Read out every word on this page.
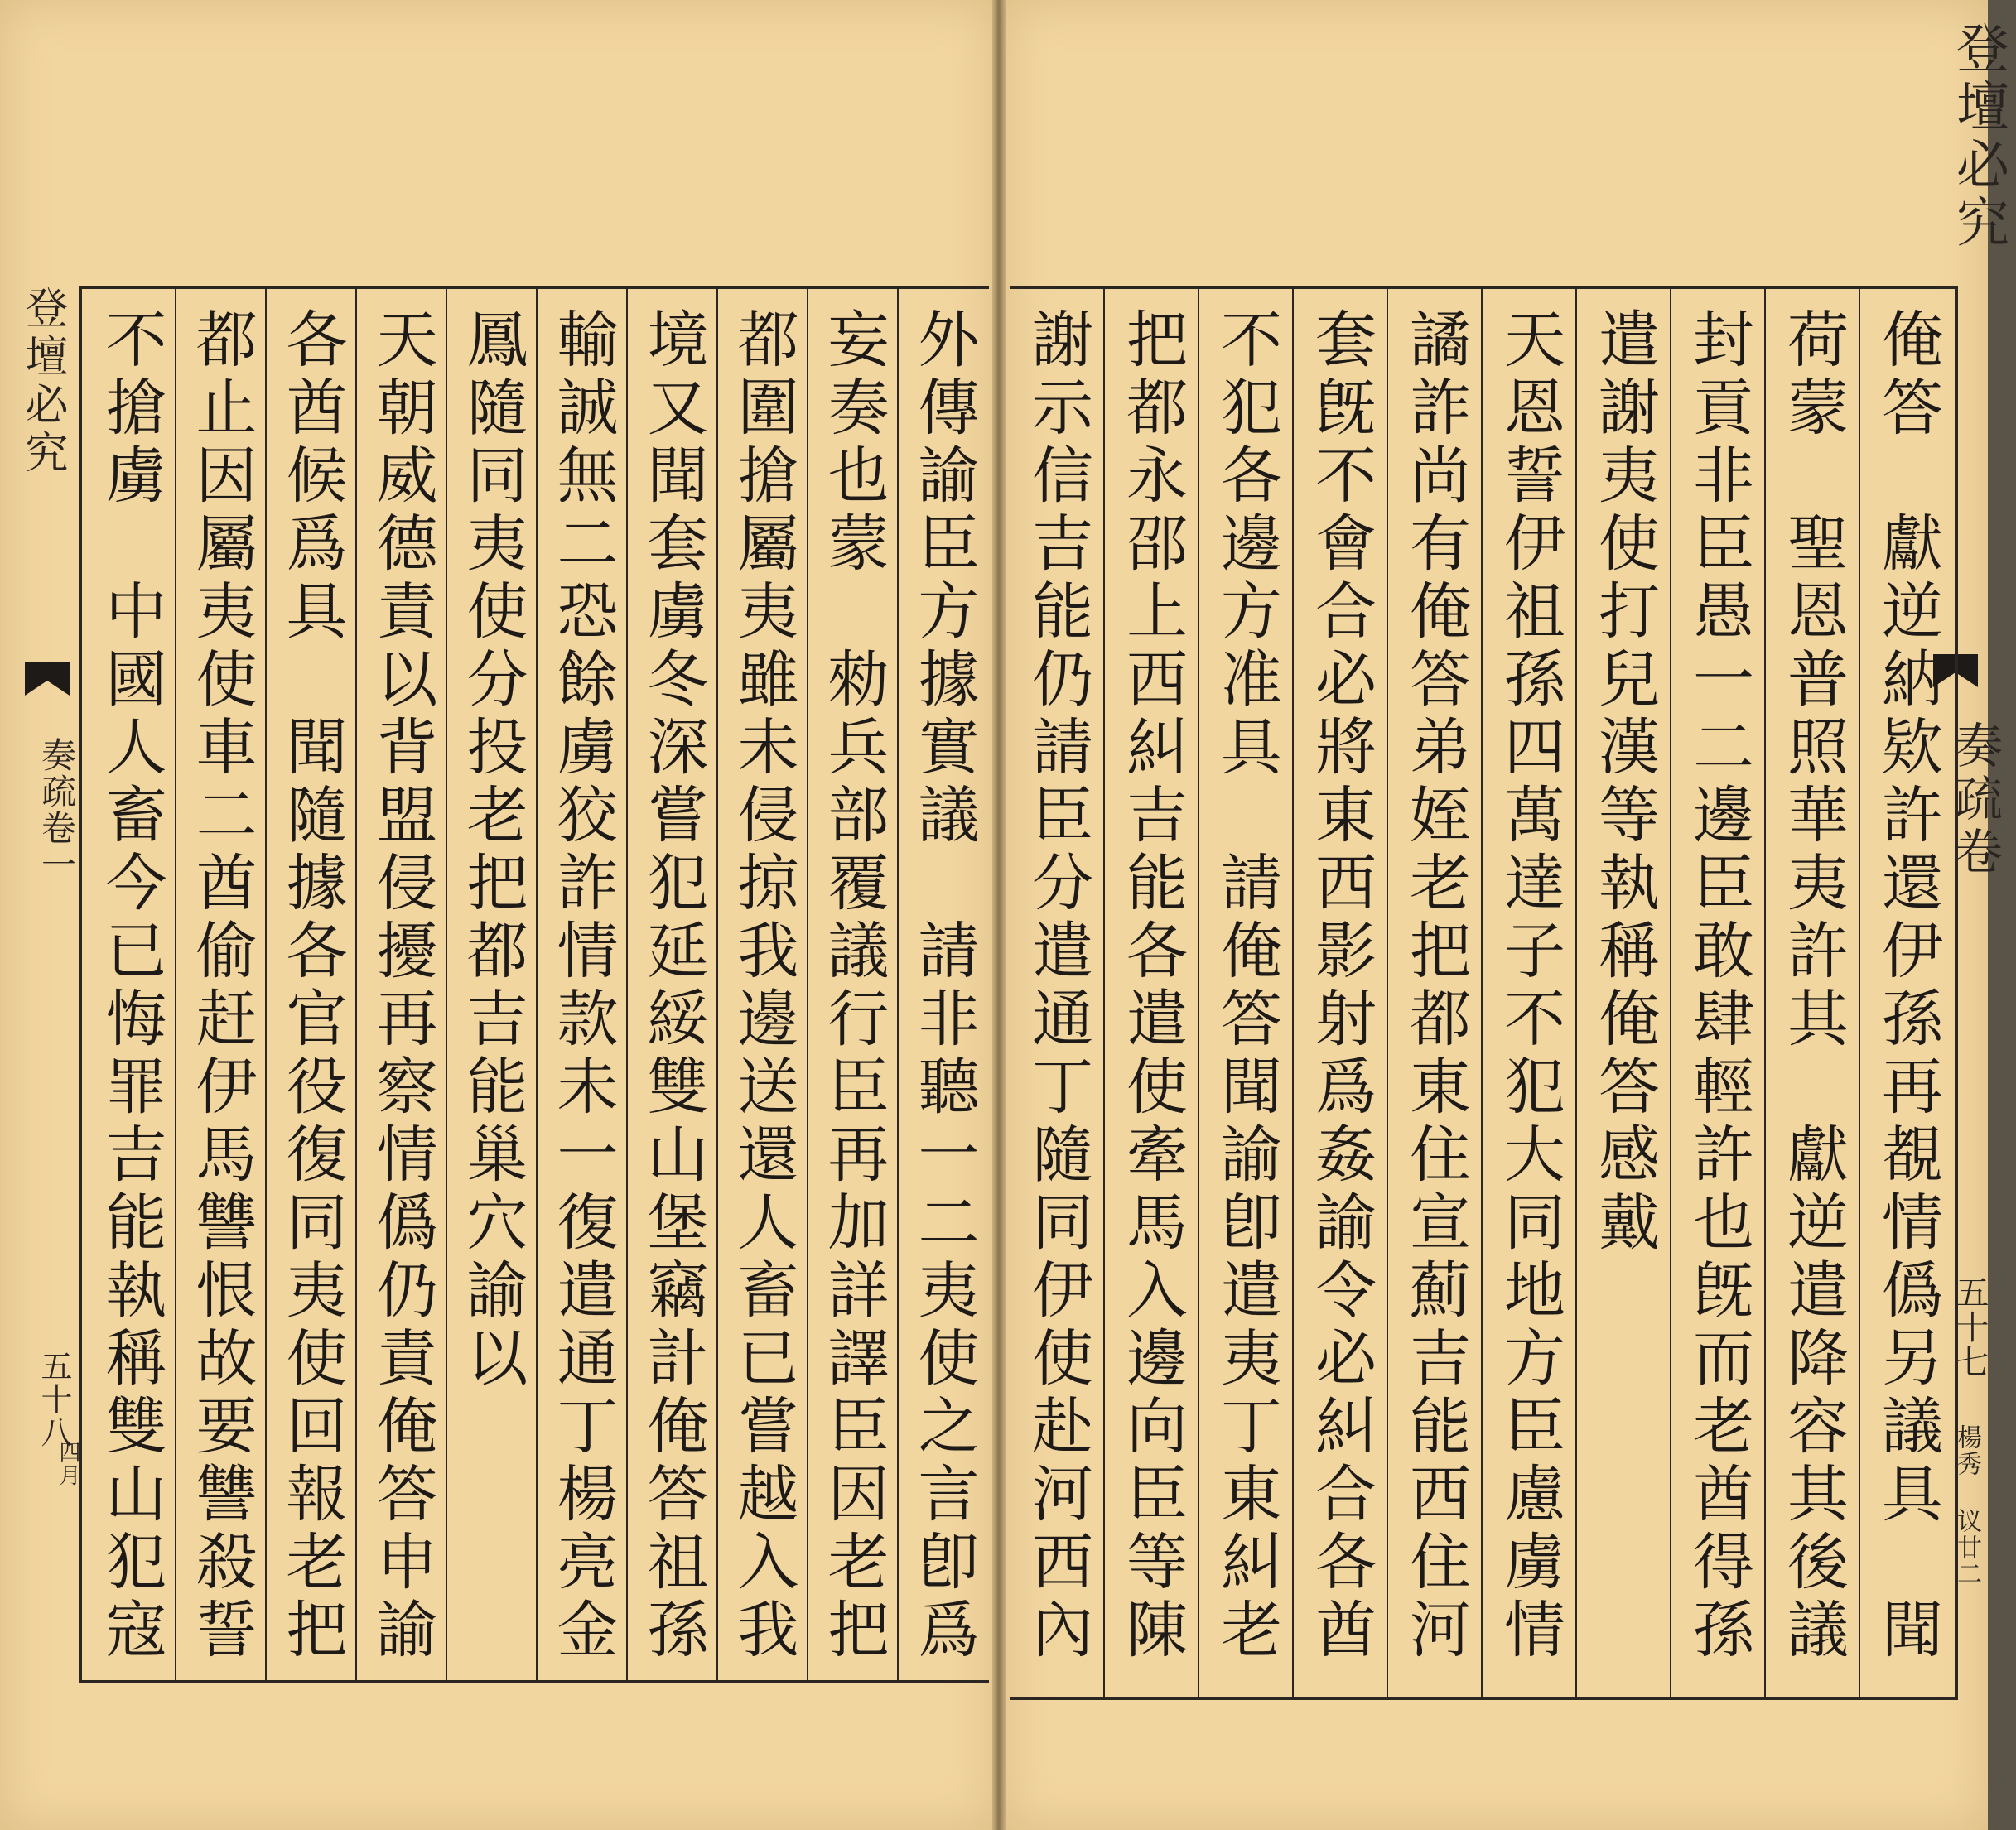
登壇必究
奏疏卷
五十七
楊秀 议廿二
登壇必究
奏疏卷一
五十八
四月	俺答　獻逆納欵許還伊孫再覩情僞另議具　聞
荷蒙　聖恩普照華夷許其　獻逆遣降容其後議
封貢非臣愚一二邊臣敢肆輕許也旣而老酋得孫
遣謝夷使打兒漢等執稱俺答感戴
天恩誓伊祖孫四萬達子不犯大同地方臣慮虜情
譎詐尚有俺答弟姪老把都東住宣薊吉能西住河
套旣不會合必將東西影射爲姦諭令必糾合各酋
不犯各邊方准具　請俺答聞諭卽遣夷丁東糾老
把都永邵上西糾吉能各遣使牽馬入邊向臣等陳
謝示信吉能仍請臣分遣通丁隨同伊使赴河西內
外傳諭臣方據實議　請非聽一二夷使之言卽爲
妄奏也蒙　勑兵部覆議行臣再加詳譯臣因老把
都圍搶屬夷雖未侵掠我邊送還人畜已嘗越入我
境又聞套虜冬深嘗犯延綏雙山堡竊計俺答祖孫
輸誠無二恐餘虜狡詐情款未一復遣通丁楊亮金
鳳隨同夷使分投老把都吉能巢穴諭以
天朝威德責以背盟侵擾再察情僞仍責俺答申諭
各酋候爲具　聞隨據各官役復同夷使回報老把
都止因屬夷使車二酋偷赶伊馬讐恨故要讐殺誓
不搶虜　中國人畜今已悔罪吉能執稱雙山犯寇
